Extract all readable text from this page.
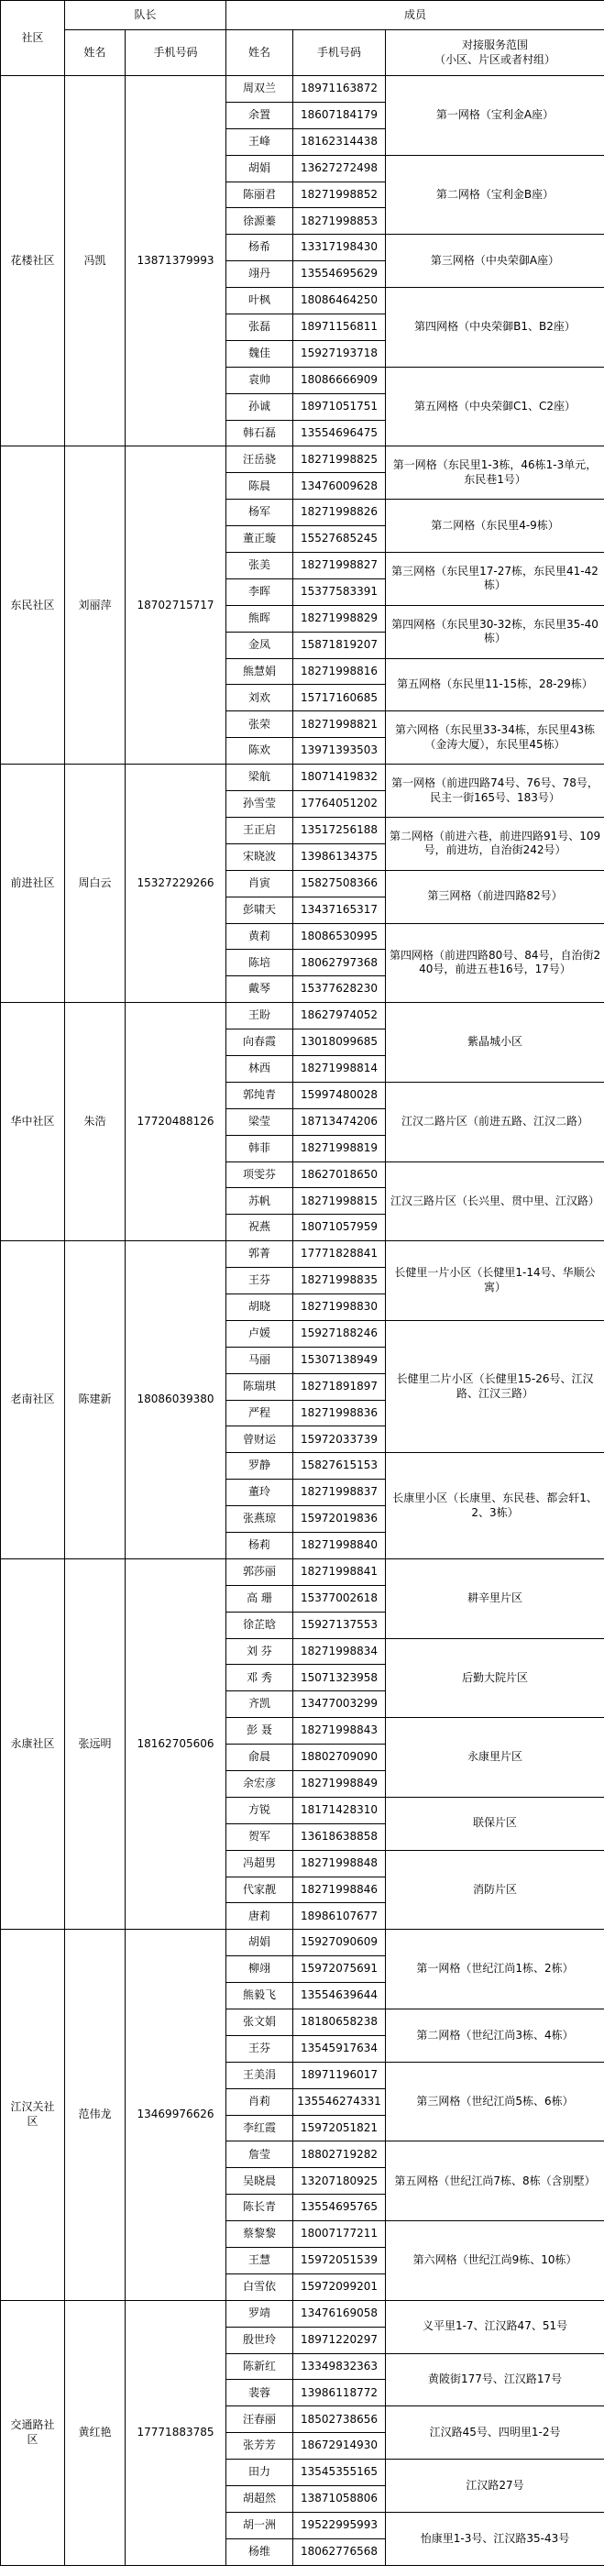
社区	队长		成员		
	姓名	手机号码	姓名	手机号码	对接服务范围
（小区、片区或者村组）

花楼社区	冯凯	13871379993	周双兰	18971163872	第一网格（宝利金A座）
			余置	18607184179	
			王峰	18162314438	
			胡娟	13627272498	第二网格（宝利金B座）
			陈丽君	18271998852	
			徐源蓁	18271998853	
			杨希	13317198430	第三网格（中央荣御A座）
			翊丹	13554695629	
			叶枫	18086464250	第四网格（中央荣御B1、B2座）
			张磊	18971156811	
			魏佳	15927193718	
			袁帅	18086666909	第五网格（中央荣御C1、C2座）
			孙诚	18971051751	
			韩石磊	13554696475	
东民社区	刘丽萍	18702715717	汪岳骁	18271998825	第一网格（东民里1-3栋，46栋1-3单元，东民巷1号）
			陈晨	13476009628	
			杨军	18271998826	第二网格（东民里4-9栋）
			董正璇	15527685245	
			张美	18271998827	第三网格（东民里17-27栋，东民里41-42栋）
			李晖	15377583391	
			熊晖	18271998829	第四网格（东民里30-32栋，东民里35-40栋）
			金凤	15871819207	
			熊慧娟	18271998816	第五网格（东民里11-15栋，28-29栋）
			刘欢	15717160685	
			张荣	18271998821	第六网格（东民里33-34栋，东民里43栋（金涛大厦），东民里45栋）
			陈欢	13971393503	
前进社区	周白云	15327229266	梁航	18071419832	第一网格（前进四路74号、76号、78号，民主一街165号、183号）
			孙雪莹	17764051202	
			王正启	13517256188	第二网格（前进六巷，前进四路91号、109号，前进坊，自治街242号）
			宋晓波	13986134375	
			肖寅	15827508366	第三网格（前进四路82号）
			彭啸天	13437165317	
			黄莉	18086530995	第四网格（前进四路80号、84号，自治街240号，前进五巷16号，17号）
			陈培	18062797368	
			戴琴	15377628230	
华中社区	朱浩	17720488126	王盼	18627974052	紫晶城小区
			向春霞	13018099685	
			林西	18271998814	
			郭纯青	15997480028	江汉二路片区（前进五路、江汉二路）
			梁莹	18713474206	
			韩菲	18271998819	
			项雯芬	18627018650	江汉三路片区（长兴里、贯中里、江汉路）
			苏帆	18271998815	
			祝燕	18071057959	
老南社区	陈建新	18086039380	郭菁	17771828841	长健里一片小区（长健里1-14号、华顺公寓）
			王芬	18271998835	
			胡晓	18271998830	
			卢媛	15927188246	长健里二片小区（长健里15-26号、江汉路、江汉三路）
			马丽	15307138949	
			陈瑞琪	18271891897	
			严程	18271998836	
			曾财运	15972033739	
			罗静	15827615153	长康里小区（长康里、东民巷、都会轩1、2、3栋）
			董玲	18271998837	
			张燕琼	15972019836	
			杨莉	18271998840	
永康社区	张远明	18162705606	郭莎丽	18271998841	耕辛里片区
			高 珊	15377002618	
			徐芷晗	15927137553	
			刘 芬	18271998834	后勤大院片区
			邓 秀	15071323958	
			齐凯	13477003299	
			彭 聂	18271998843	永康里片区
			俞晨	18802709090	
			余宏彦	18271998849	
			方锐	18171428310	联保片区
			贺军	13618638858	
			冯超男	18271998848	消防片区
			代家靓	18271998846	
			唐莉	18986107677	
江汉关社区	范伟龙	13469976626	胡娟	15927090609	第一网格（世纪江尚1栋、2栋）
			柳翊	15972075691	
			熊毅飞	13554639644	
			张文娟	18180658238	第二网格（世纪江尚3栋、4栋）
			王芬	13545917634	
			王美涓	18971196017	第三网格（世纪江尚5栋、6栋）
			肖莉	135546274331	
			李红霞	15972051821	
			詹莹	18802719282	第五网格（世纪江尚7栋、8栋（含别墅）
			吴晓晨	13207180925	
			陈长青	13554695765	
			蔡黎黎	18007177211	第六网格（世纪江尚9栋、10栋）
			王慧	15972051539	
			白雪依	15972099201	
交通路社区	黄红艳	17771883785	罗靖	13476169058	义平里1-7、江汉路47、51号
			殷世玲	18971220297	
			陈新红	13349832363	黄陂街177号、江汉路17号
			裴蓉	13986118772	
			汪春丽	18502738656	江汉路45号、四明里1-2号
			张芳芳	18672914930	
			田力	13545355165	江汉路27号
			胡超然	13871058806	
			胡一洲	19522995993	怡康里1-3号、江汉路35-43号
			杨维	18062776568	
